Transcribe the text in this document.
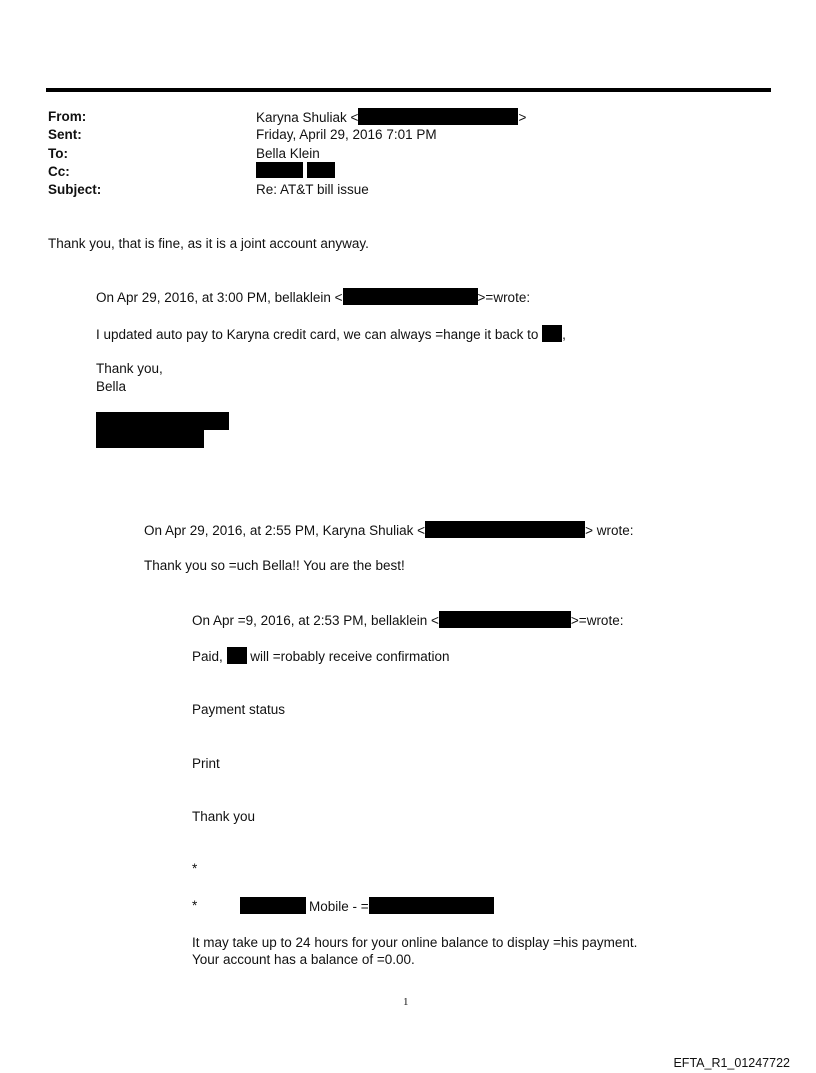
From:	Karyna Shuliak <	>
Sent:	Friday, April 29, 2016 7:01 PM
To:	Bella Klein
Cc:
Subject:	Re: AT&T bill issue
Thank you, that is fine, as it is a joint account anyway.
On Apr 29, 2016, at 3:00 PM, bellaklein <	>=wrote:
I updated auto pay to Karyna credit card, we can always =hange it back to ,
Thank you,
Bella
On Apr 29, 2016, at 2:55 PM, Karyna Shuliak <	> wrote:
Thank you so =uch Bella!! You are the best!
On Apr =9, 2016, at 2:53 PM, bellaklein <	>=wrote:
Paid,  will =robably receive confirmation
Payment status
Print
Thank you
*
*	Mobile - =
It may take up to 24 hours for your online balance to display =his payment.
Your account has a balance of =0.00.
1
EFTA_R1_01247722
